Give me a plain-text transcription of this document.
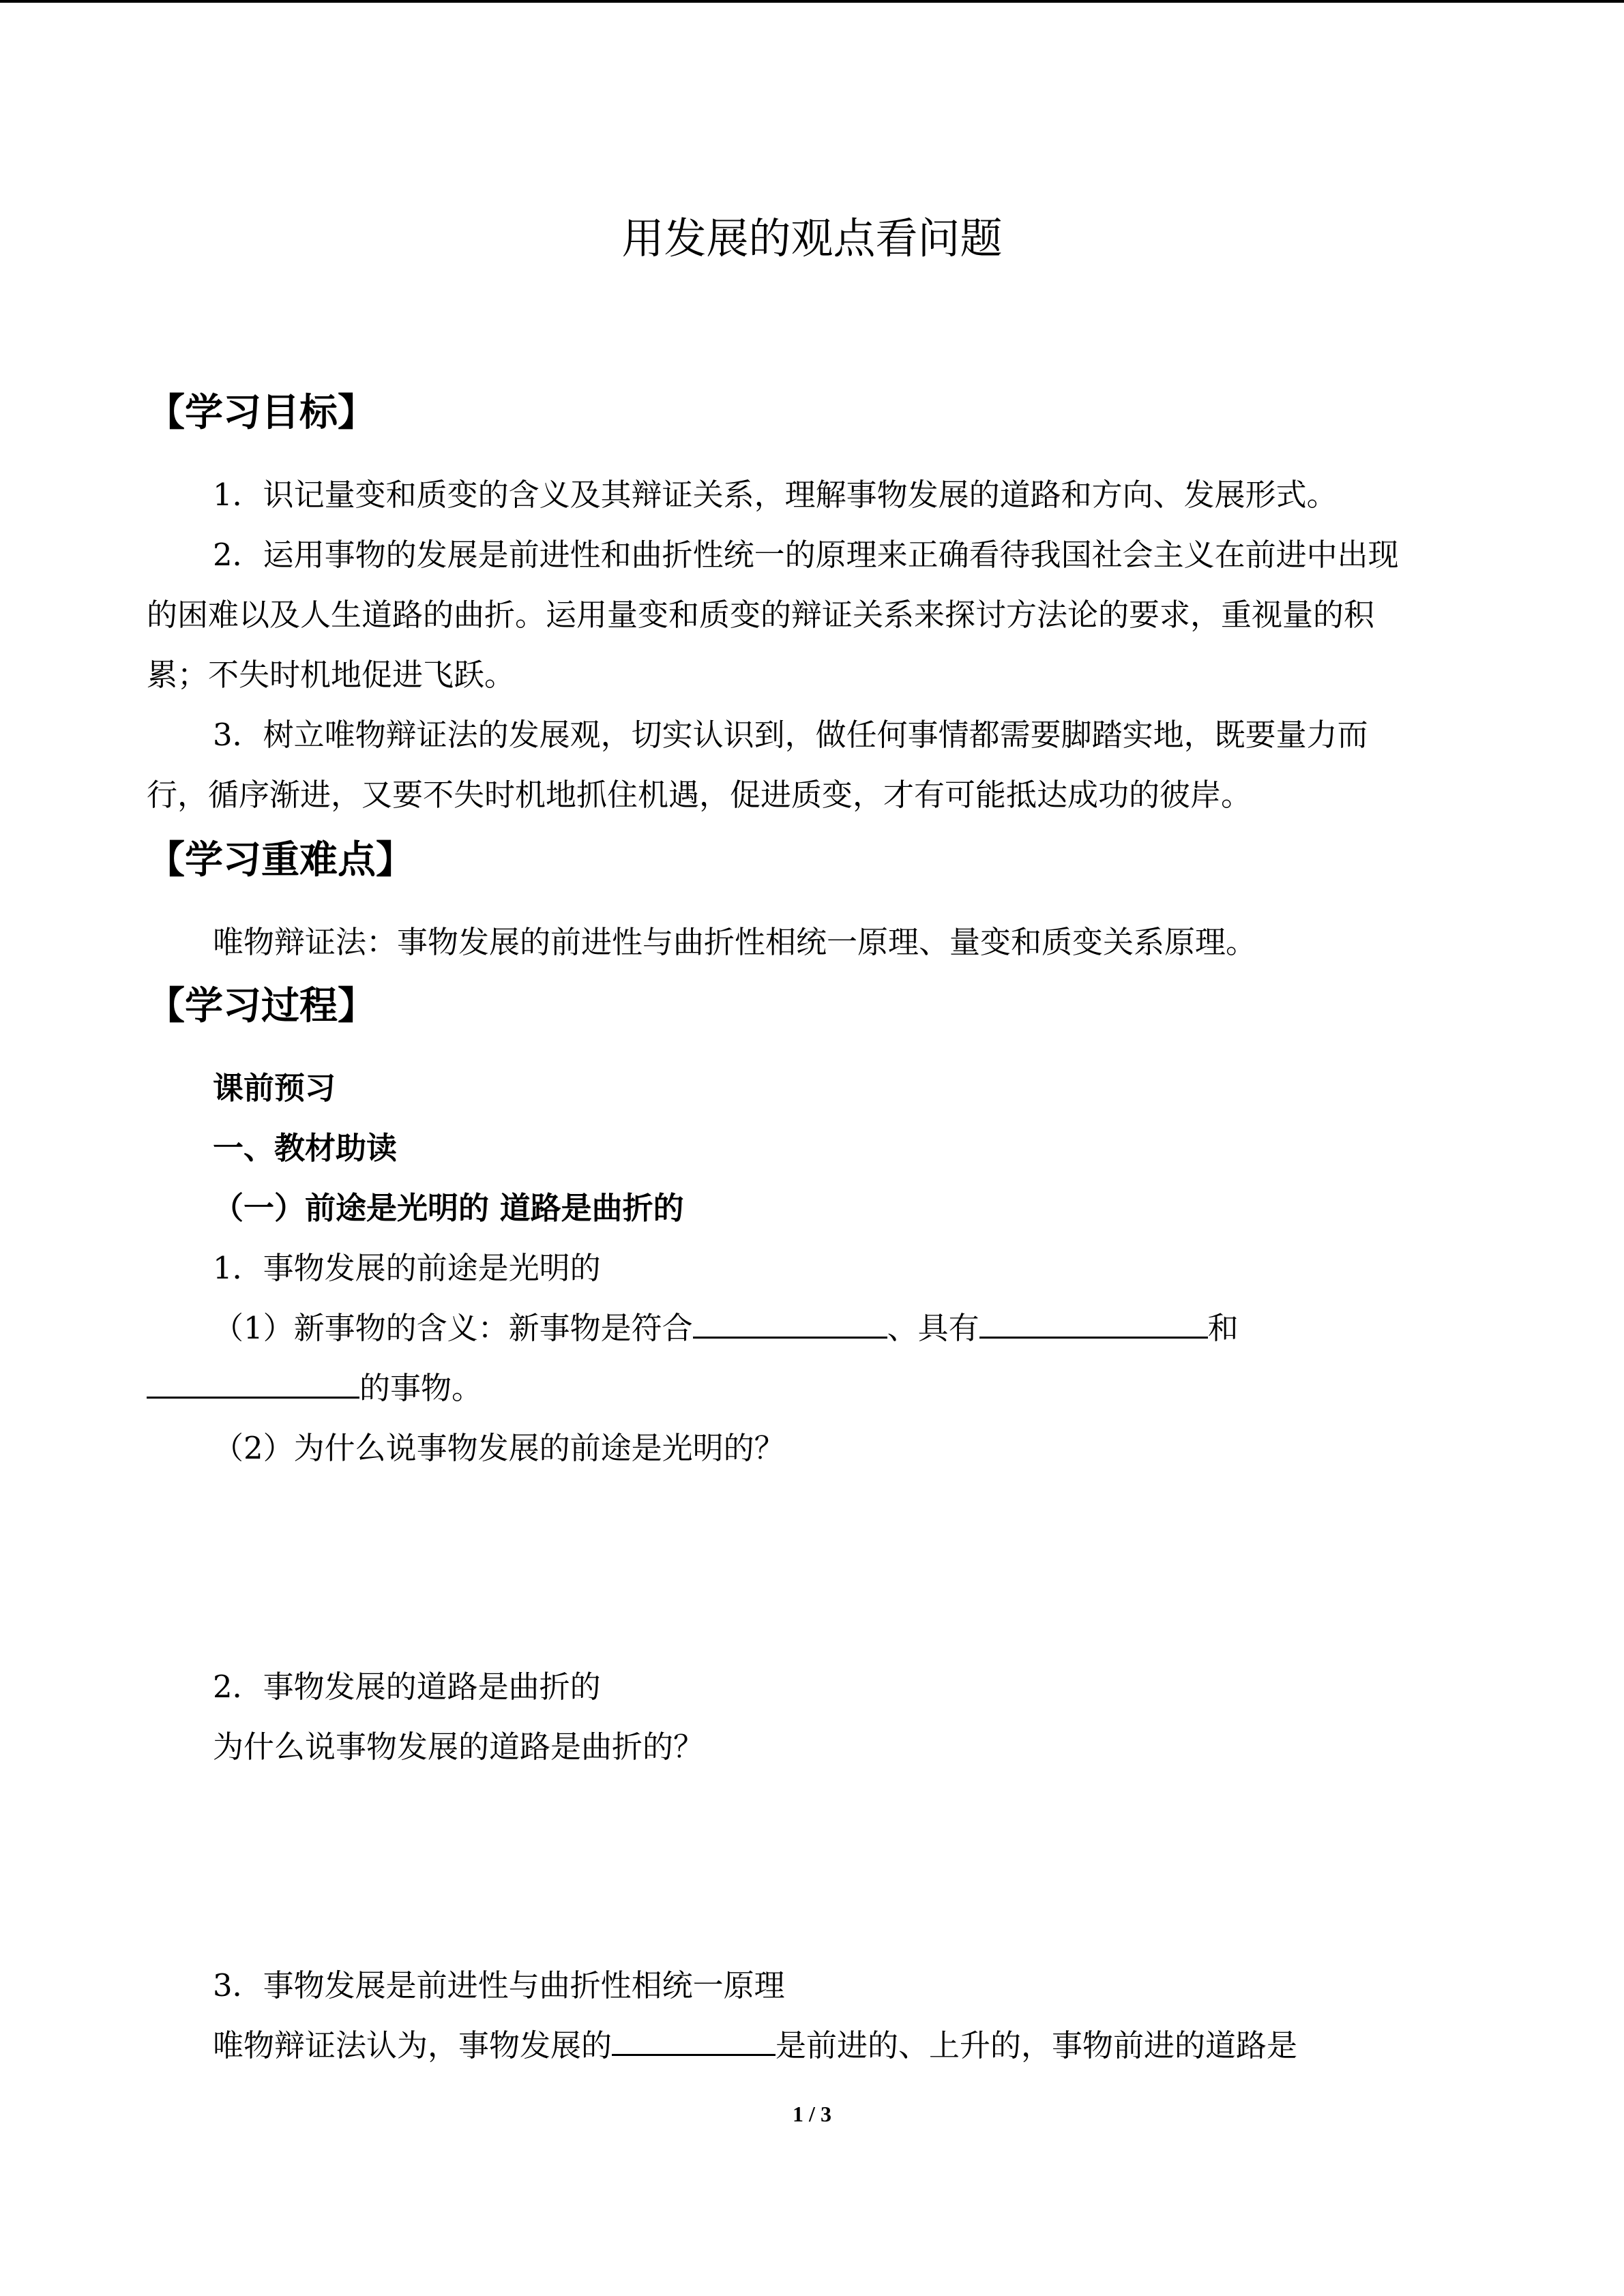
用发展的观点看问题
【学习目标】
1．识记量变和质变的含义及其辩证关系，理解事物发展的道路和方向、发展形式。
2．运用事物的发展是前进性和曲折性统一的原理来正确看待我国社会主义在前进中出现
的困难以及人生道路的曲折。运用量变和质变的辩证关系来探讨方法论的要求，重视量的积
累；不失时机地促进飞跃。
3．树立唯物辩证法的发展观，切实认识到，做任何事情都需要脚踏实地，既要量力而
行，循序渐进，又要不失时机地抓住机遇，促进质变，才有可能抵达成功的彼岸。
【学习重难点】
唯物辩证法：事物发展的前进性与曲折性相统一原理、量变和质变关系原理。
【学习过程】
课前预习
一、教材助读
（一）前途是光明的 道路是曲折的
1．事物发展的前途是光明的
（1）新事物的含义：新事物是符合	、具有	和
的事物。
（2）为什么说事物发展的前途是光明的？
2．事物发展的道路是曲折的
为什么说事物发展的道路是曲折的？
3．事物发展是前进性与曲折性相统一原理
唯物辩证法认为，事物发展的	是前进的、上升的，事物前进的道路是
1 / 3
